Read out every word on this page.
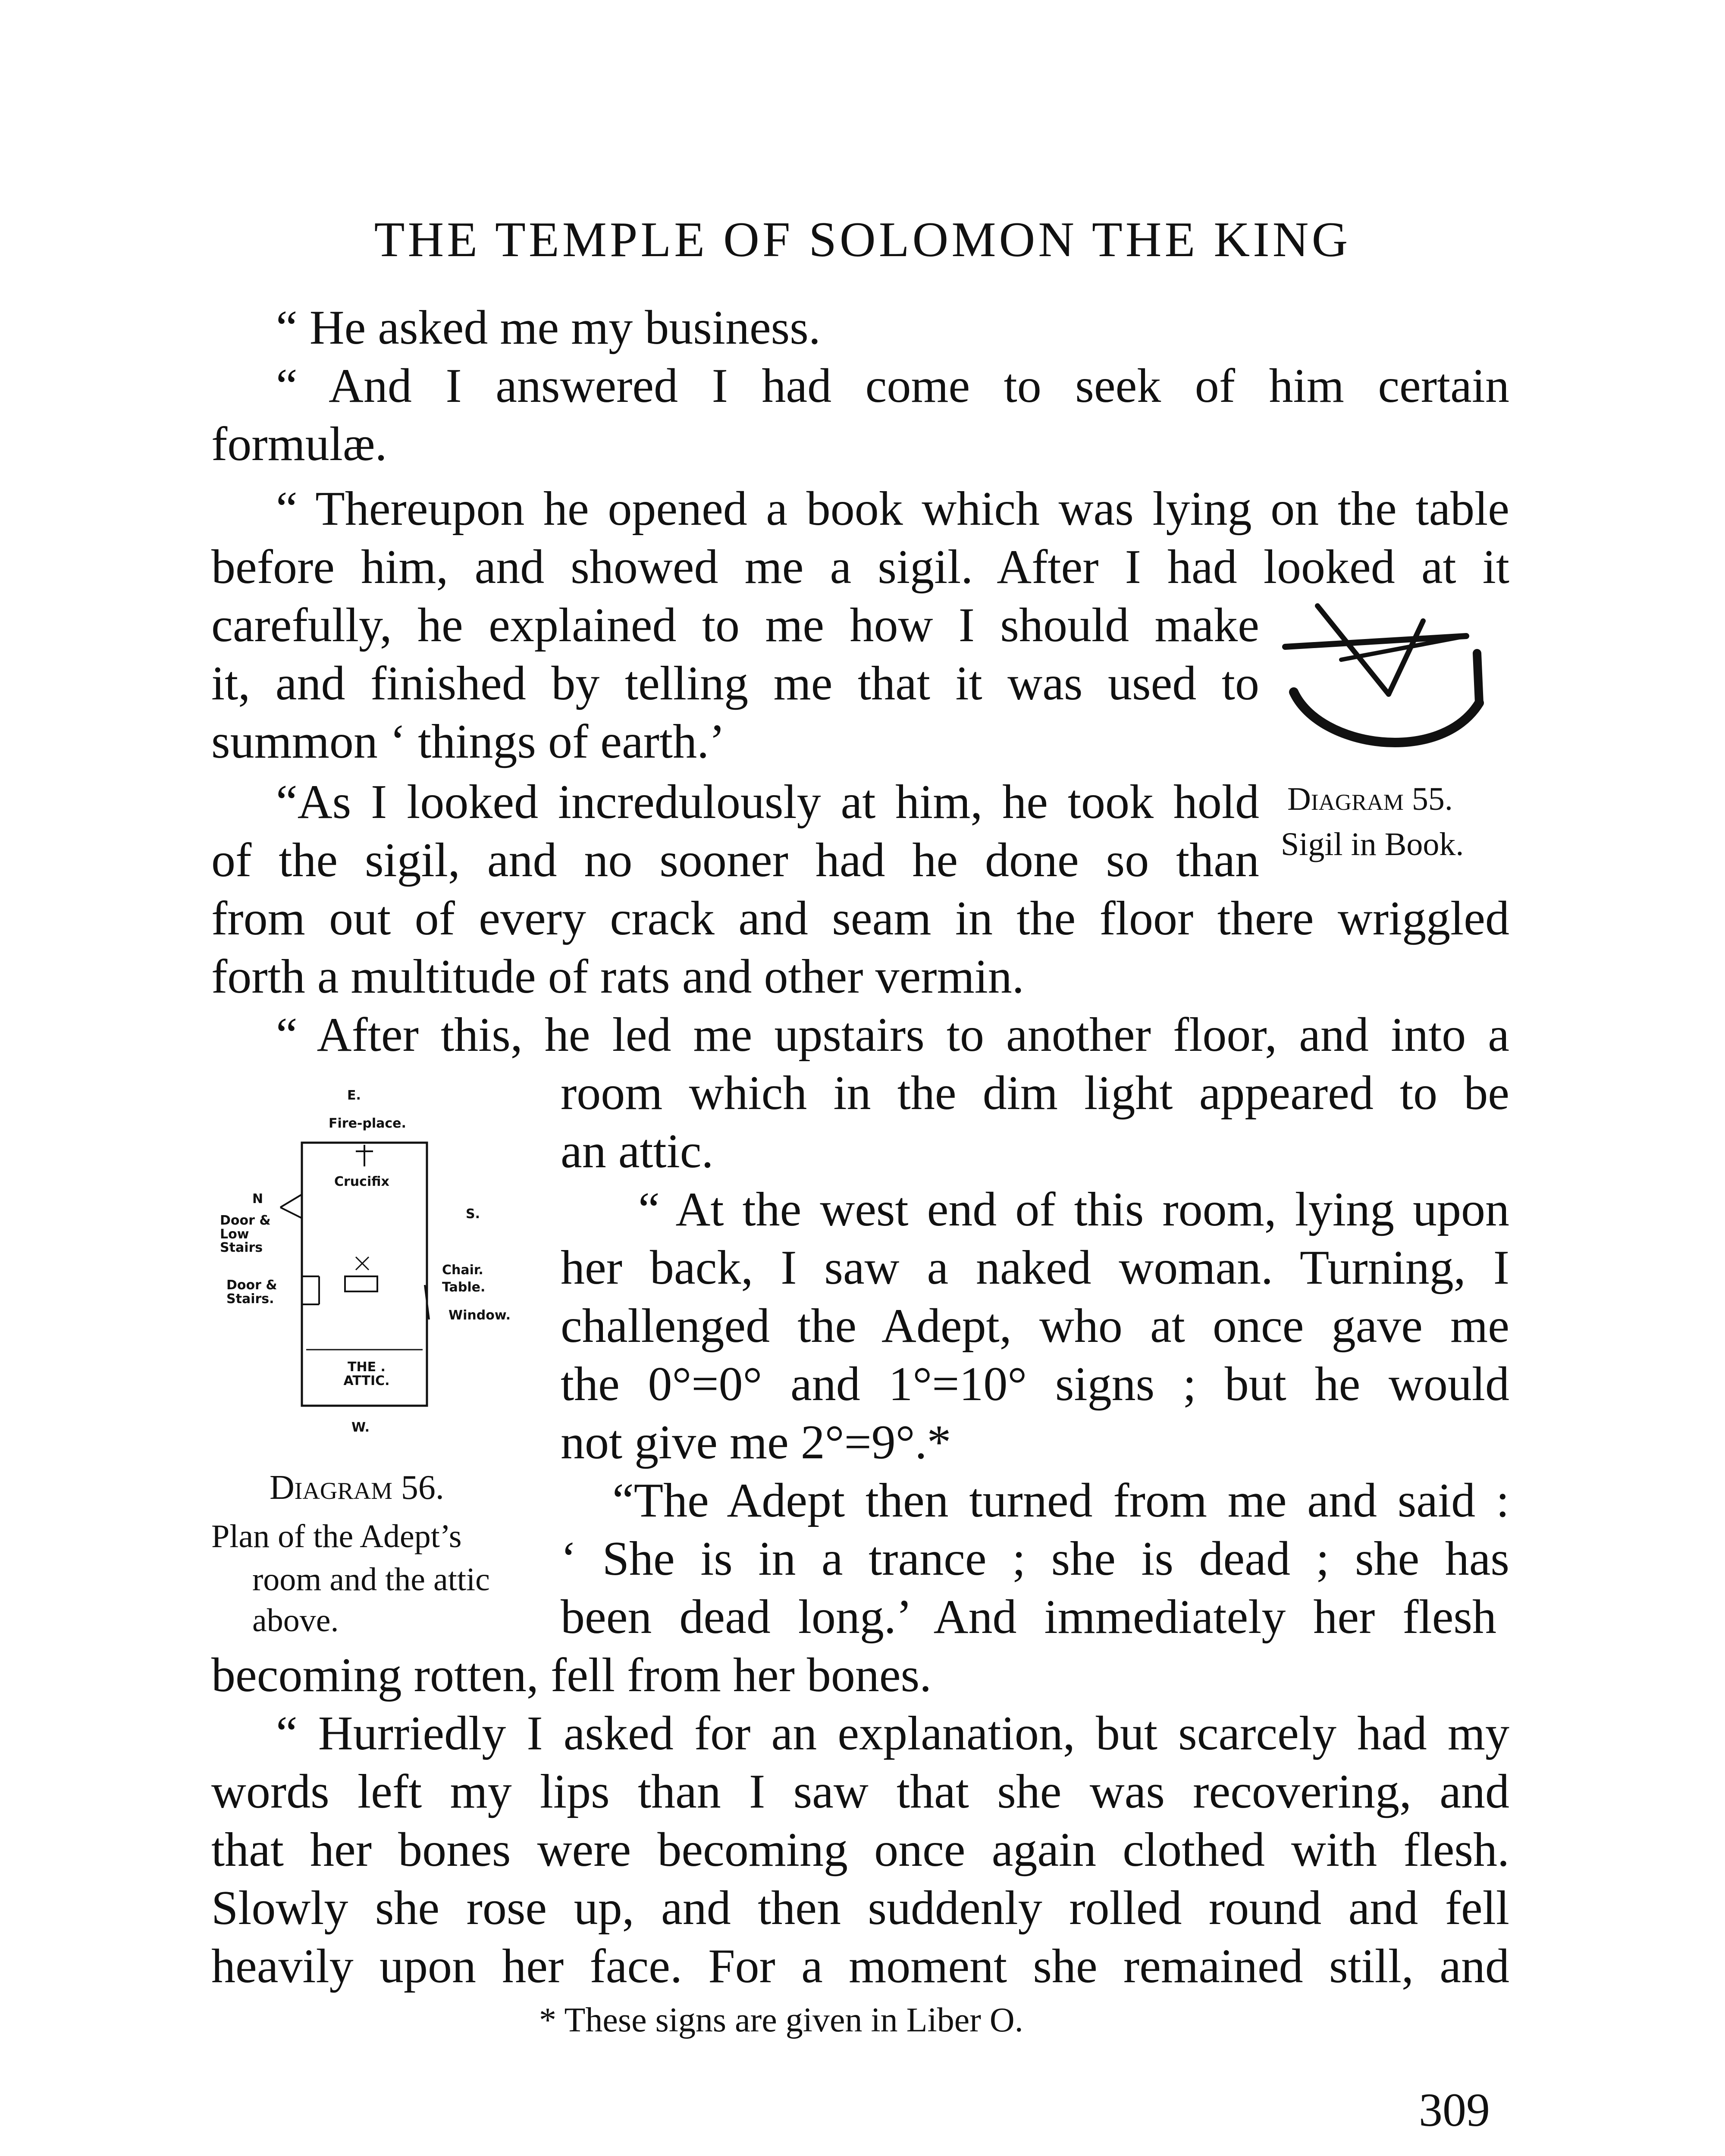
THE TEMPLE OF SOLOMON THE KING
“ He asked me my business.
“ And I answered I had come to seek of him certain
formulæ.
“ Thereupon he opened a book which was lying on the table
before him, and showed me a sigil. After I had looked at it
carefully, he explained to me how I should make
it, and finished by telling me that it was used to
summon ‘ things of earth.’
“As I looked incredulously at him, he took hold
of the sigil, and no sooner had he done so than
from out of every crack and seam in the floor there wriggled
forth a multitude of rats and other vermin.
“ After this, he led me upstairs to another floor, and into a
room which in the dim light appeared to be
an attic.
“ At the west end of this room, lying upon
her back, I saw a naked woman. Turning, I
challenged the Adept, who at once gave me
the 0°=0° and 1°=10° signs ; but he would
not give me 2°=9°.*
“The Adept then turned from me and said :
‘ She is in a trance ; she is dead ; she has
been dead long.’ And immediately her flesh
becoming rotten, fell from her bones.
“ Hurriedly I asked for an explanation, but scarcely had my
words left my lips than I saw that she was recovering, and
that her bones were becoming once again clothed with flesh.
Slowly she rose up, and then suddenly rolled round and fell
heavily upon her face. For a moment she remained still, and
Diagram 55.
Sigil in Book.
E.
Fire-place.
Crucifix
N
Door & Low Stairs
S.
Door & Stairs.
Chair.
Table.
Window.
THE . ATTIC.
W.
Diagram 56.
Plan of the Adept’s
room and the attic
above.
* These signs are given in Liber O.
309
